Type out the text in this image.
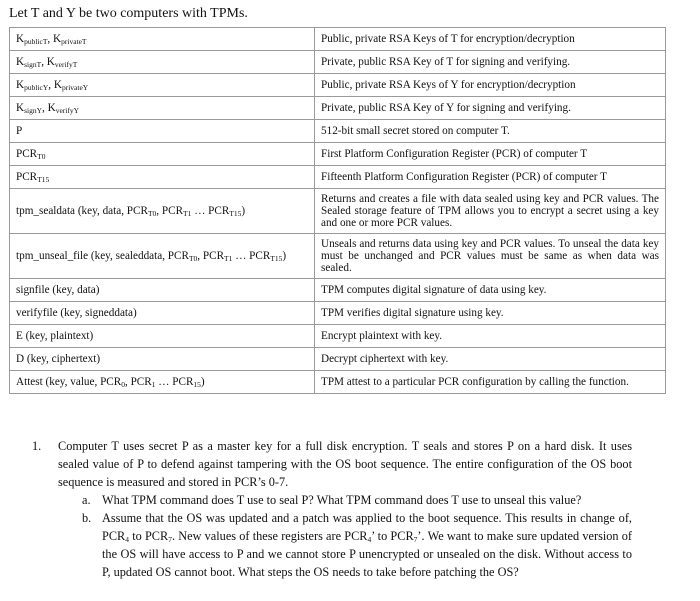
Let T and Y be two computers with TPMs.
$K_{publicT}$, $K_{privateT}$	Public, private RSA Keys of T for encryption/decryption
$K_{signT}$, $K_{verifyT}$	Private, public RSA Key of T for signing and verifying.
$K_{publicY}$, $K_{privateY}$	Public, private RSA Keys of Y for encryption/decryption
$K_{signY}$, $K_{verifyY}$	Private, public RSA Key of Y for signing and verifying.
P	512-bit small secret stored on computer T.
$PCR_{T0}$	First Platform Configuration Register (PCR) of computer T
$PCR_{T15}$	Fifteenth Platform Configuration Register (PCR) of computer T
tpm_sealdata (key, data, $PCR_{T0}$, $PCR_{T1}$ … $PCR_{T15}$)	Returns and creates a file with data sealed using key and PCR values. The Sealed storage feature of TPM allows you to encrypt a secret using a key and one or more PCR values.
tpm_unseal_file (key, sealeddata, $PCR_{T0}$, $PCR_{T1}$ … $PCR_{T15}$)	Unseals and returns data using key and PCR values. To unseal the data key must be unchanged and PCR values must be same as when data was sealed.
signfile (key, data)	TPM computes digital signature of data using key.
verifyfile (key, signeddata)	TPM verifies digital signature using key.
E (key, plaintext)	Encrypt plaintext with key.
D (key, ciphertext)	Decrypt ciphertext with key.
Attest (key, value, $PCR_0$, $PCR_1$ … $PCR_{15}$)	TPM attest to a particular PCR configuration by calling the function.
1.	Computer T uses secret P as a master key for a full disk encryption. T seals and stores P on a hard disk. It uses sealed value of P to defend against tampering with the OS boot sequence. The entire configuration of the OS boot sequence is measured and stored in PCR’s 0-7.
a. What TPM command does T use to seal P? What TPM command does T use to unseal this value?
b. Assume that the OS was updated and a patch was applied to the boot sequence. This results in change of, $PCR_4$ to $PCR_7$. New values of these registers are $PCR_4$’ to $PCR_7$’. We want to make sure updated version of the OS will have access to P and we cannot store P unencrypted or unsealed on the disk. Without access to P, updated OS cannot boot. What steps the OS needs to take before patching the OS?
